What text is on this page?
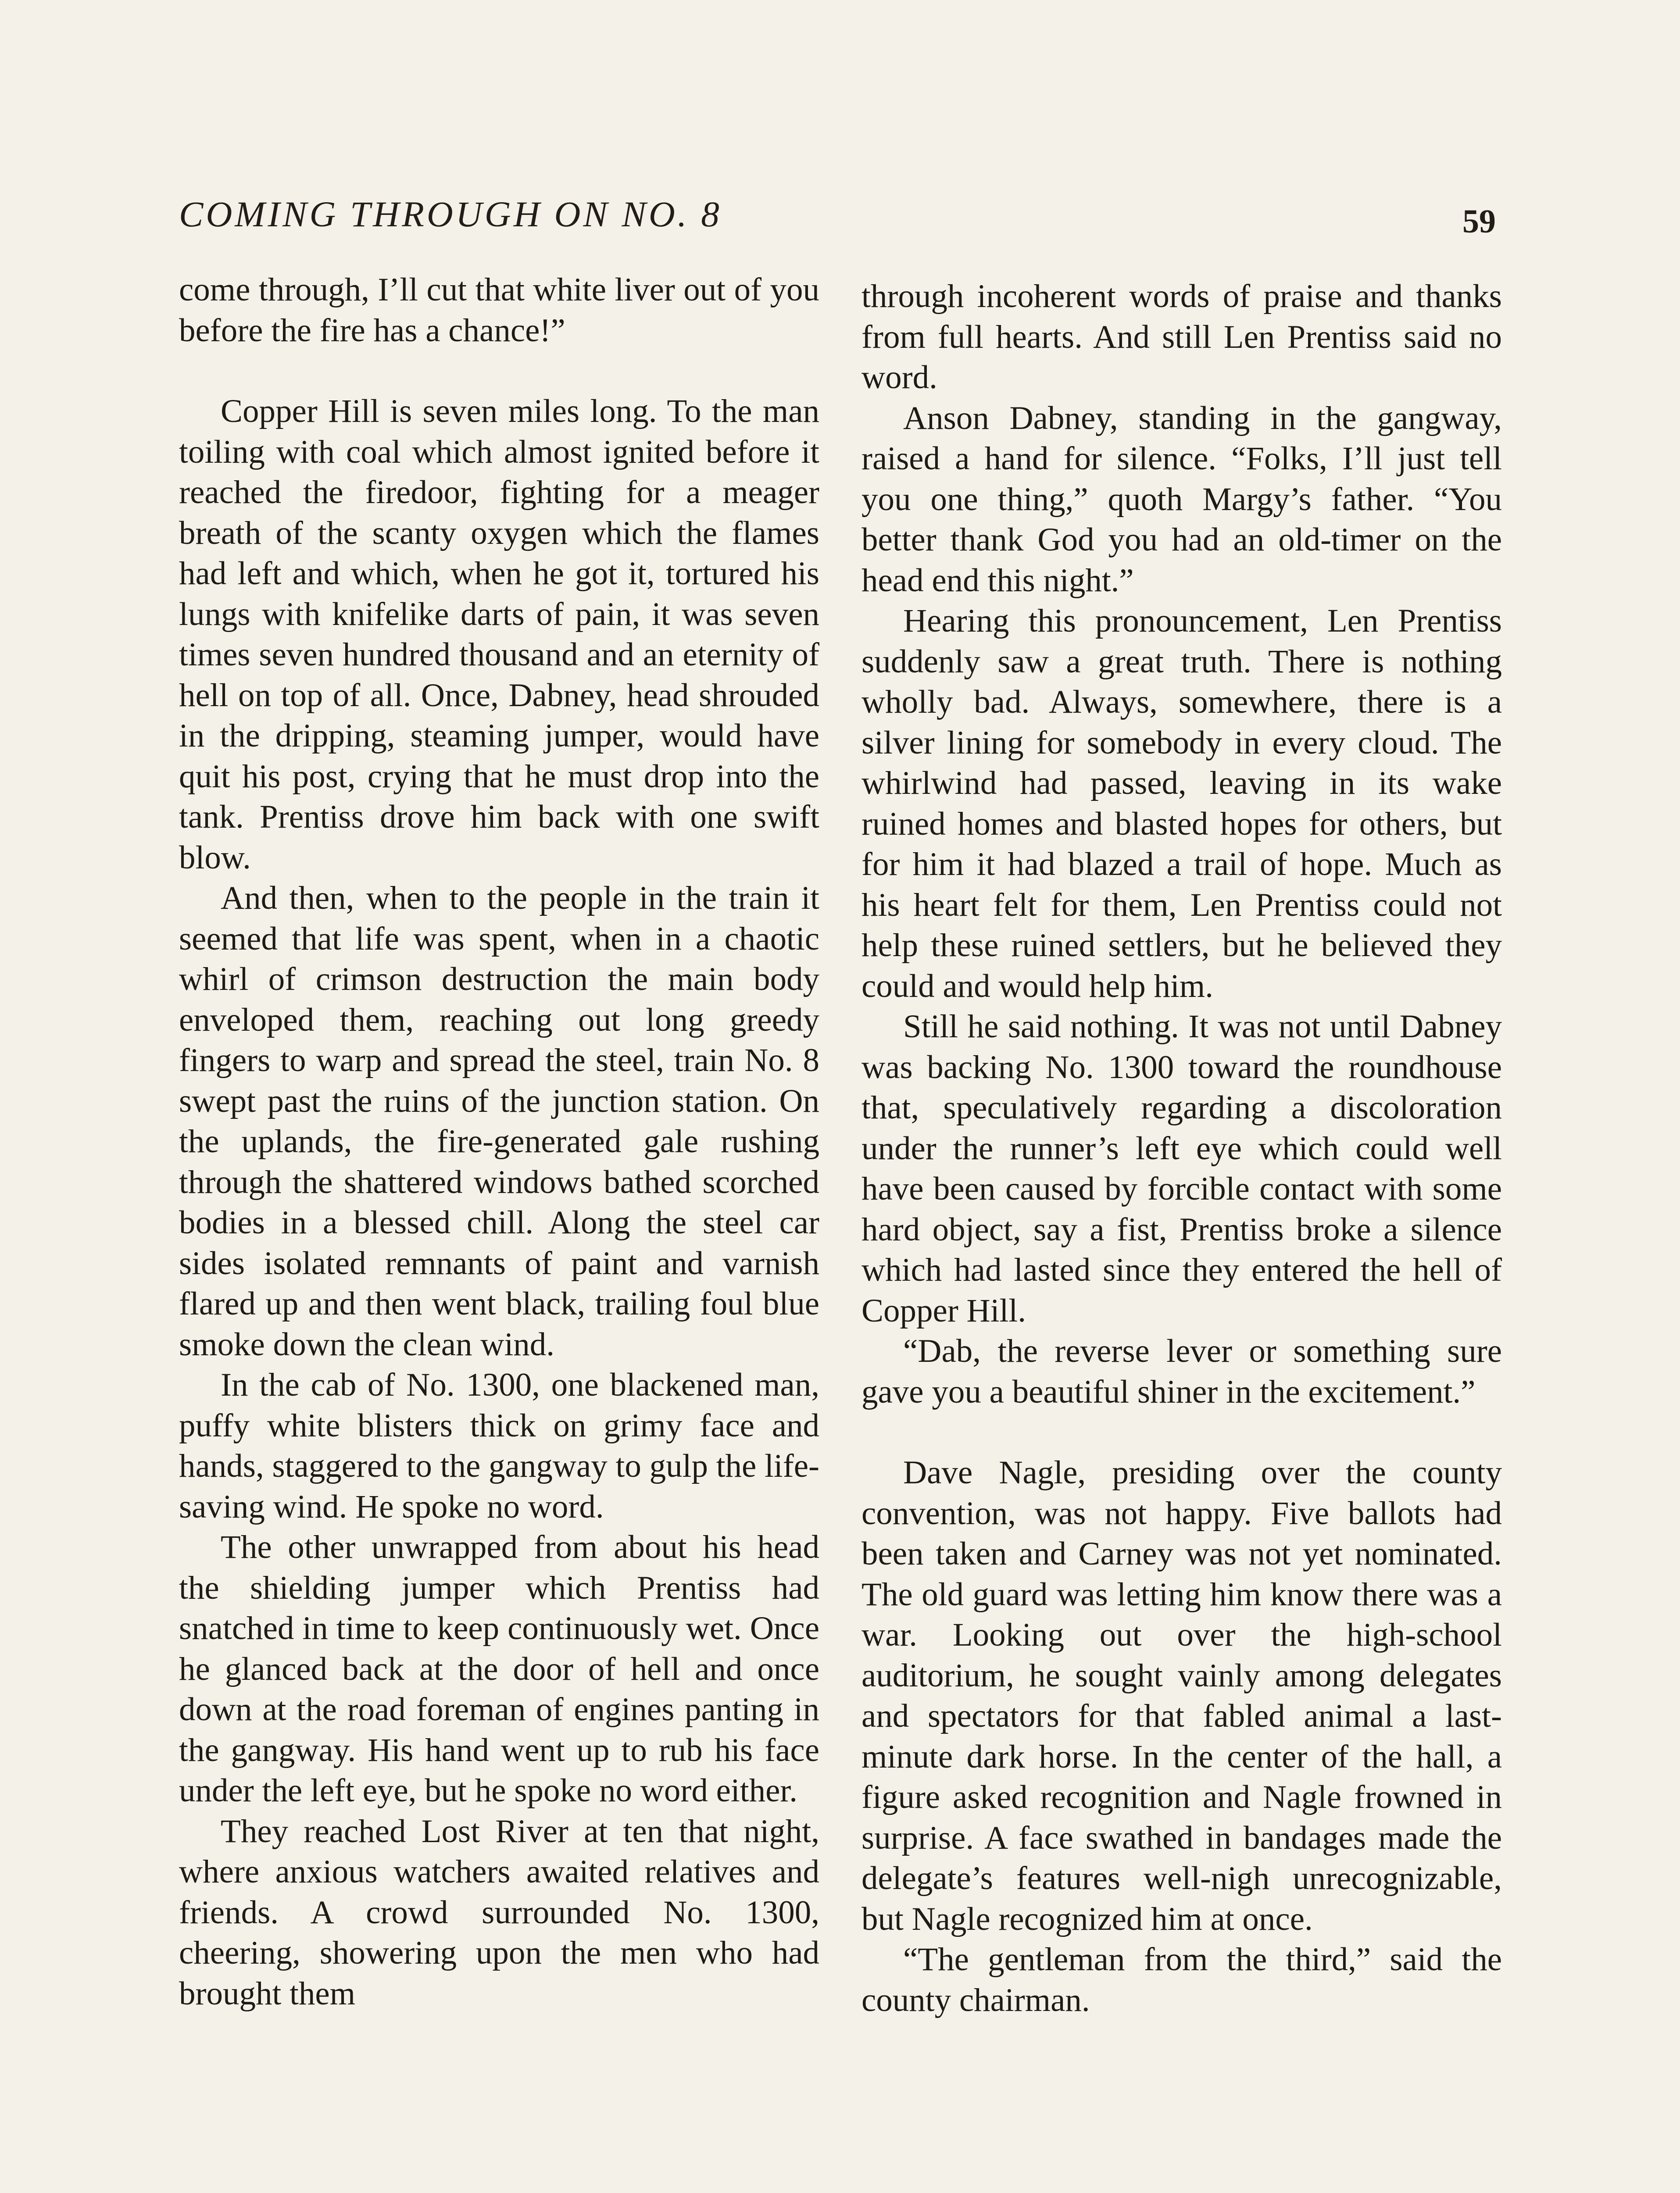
COMING THROUGH ON NO. 8	59

come through, I’ll cut that white liver out of you before the fire has a chance!”

Copper Hill is seven miles long. To the man toiling with coal which almost ignited before it reached the firedoor, fighting for a meager breath of the scanty oxygen which the flames had left and which, when he got it, tortured his lungs with knifelike darts of pain, it was seven times seven hundred thousand and an eternity of hell on top of all. Once, Dabney, head shrouded in the dripping, steaming jumper, would have quit his post, crying that he must drop into the tank. Prentiss drove him back with one swift blow.

And then, when to the people in the train it seemed that life was spent, when in a chaotic whirl of crimson destruction the main body enveloped them, reaching out long greedy fingers to warp and spread the steel, train No. 8 swept past the ruins of the junction station. On the uplands, the fire-generated gale rushing through the shattered windows bathed scorched bodies in a blessed chill. Along the steel car sides isolated remnants of paint and varnish flared up and then went black, trailing foul blue smoke down the clean wind.

In the cab of No. 1300, one blackened man, puffy white blisters thick on grimy face and hands, staggered to the gangway to gulp the life-saving wind. He spoke no word.

The other unwrapped from about his head the shielding jumper which Prentiss had snatched in time to keep continuously wet. Once he glanced back at the door of hell and once down at the road foreman of engines panting in the gangway. His hand went up to rub his face under the left eye, but he spoke no word either.

They reached Lost River at ten that night, where anxious watchers awaited relatives and friends. A crowd surrounded No. 1300, cheering, showering upon the men who had brought them

through incoherent words of praise and thanks from full hearts. And still Len Prentiss said no word.

Anson Dabney, standing in the gangway, raised a hand for silence. “Folks, I’ll just tell you one thing,” quoth Margy’s father. “You better thank God you had an old-timer on the head end this night.”

Hearing this pronouncement, Len Prentiss suddenly saw a great truth. There is nothing wholly bad. Always, somewhere, there is a silver lining for somebody in every cloud. The whirlwind had passed, leaving in its wake ruined homes and blasted hopes for others, but for him it had blazed a trail of hope. Much as his heart felt for them, Len Prentiss could not help these ruined settlers, but he believed they could and would help him.

Still he said nothing. It was not until Dabney was backing No. 1300 toward the roundhouse that, speculatively regarding a discoloration under the runner’s left eye which could well have been caused by forcible contact with some hard object, say a fist, Prentiss broke a silence which had lasted since they entered the hell of Copper Hill.

“Dab, the reverse lever or something sure gave you a beautiful shiner in the excitement.”

Dave Nagle, presiding over the county convention, was not happy. Five ballots had been taken and Carney was not yet nominated. The old guard was letting him know there was a war. Looking out over the high-school auditorium, he sought vainly among delegates and spectators for that fabled animal a last-minute dark horse. In the center of the hall, a figure asked recognition and Nagle frowned in surprise. A face swathed in bandages made the delegate’s features well-nigh unrecognizable, but Nagle recognized him at once.

“The gentleman from the third,” said the county chairman.
